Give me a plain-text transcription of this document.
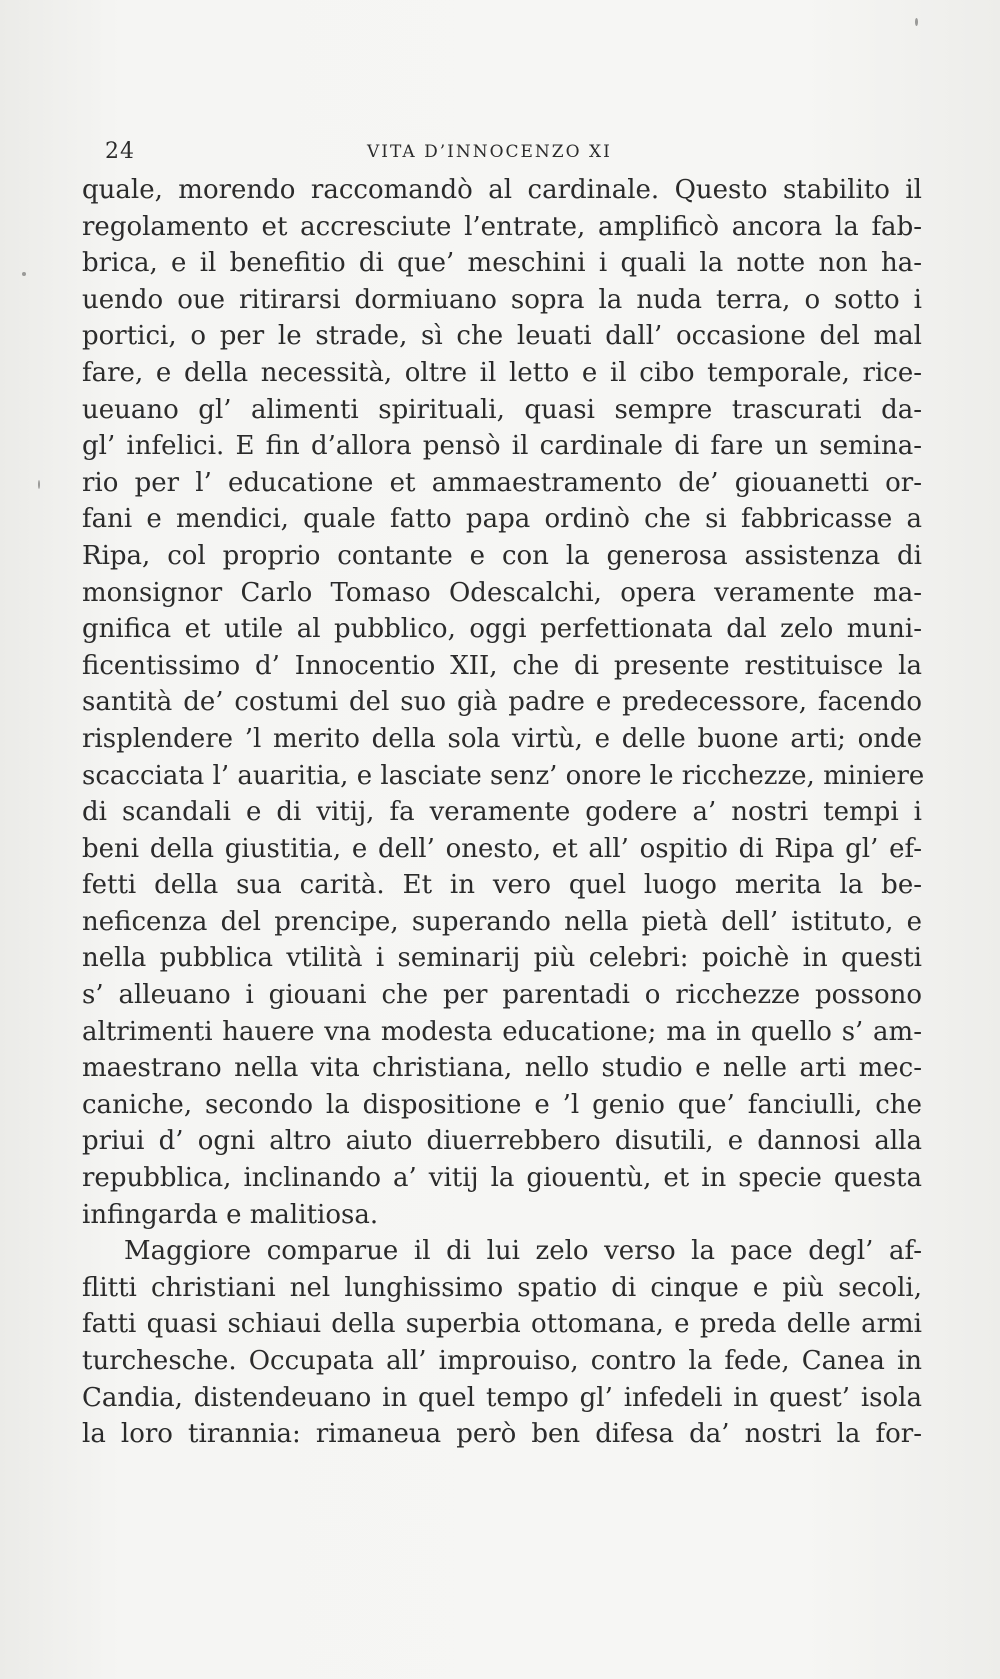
24	VITA D’INNOCENZO XI
quale, morendo raccomandò al cardinale. Questo stabilito il
regolamento et accresciute l’entrate, amplificò ancora la fab-
brica, e il benefitio di que’ meschini i quali la notte non ha-
uendo oue ritirarsi dormiuano sopra la nuda terra, o sotto i
portici, o per le strade, sì che leuati dall’ occasione del mal
fare, e della necessità, oltre il letto e il cibo temporale, rice-
ueuano gl’ alimenti spirituali, quasi sempre trascurati da-
gl’ infelici. E fin d’allora pensò il cardinale di fare un semina-
rio per l’ educatione et ammaestramento de’ giouanetti or-
fani e mendici, quale fatto papa ordinò che si fabbricasse a
Ripa, col proprio contante e con la generosa assistenza di
monsignor Carlo Tomaso Odescalchi, opera veramente ma-
gnifica et utile al pubblico, oggi perfettionata dal zelo muni-
ficentissimo d’ Innocentio XII, che di presente restituisce la
santità de’ costumi del suo già padre e predecessore, facendo
risplendere ’l merito della sola virtù, e delle buone arti; onde
scacciata l’ auaritia, e lasciate senz’ onore le ricchezze, miniere
di scandali e di vitij, fa veramente godere a’ nostri tempi i
beni della giustitia, e dell’ onesto, et all’ ospitio di Ripa gl’ ef-
fetti della sua carità. Et in vero quel luogo merita la be-
neficenza del prencipe, superando nella pietà dell’ istituto, e
nella pubblica vtilità i seminarij più celebri: poichè in questi
s’ alleuano i giouani che per parentadi o ricchezze possono
altrimenti hauere vna modesta educatione; ma in quello s’ am-
maestrano nella vita christiana, nello studio e nelle arti mec-
caniche, secondo la dispositione e ’l genio que’ fanciulli, che
priui d’ ogni altro aiuto diuerrebbero disutili, e dannosi alla
repubblica, inclinando a’ vitij la giouentù, et in specie questa
infingarda e malitiosa.
Maggiore comparue il di lui zelo verso la pace degl’ af-
flitti christiani nel lunghissimo spatio di cinque e più secoli,
fatti quasi schiaui della superbia ottomana, e preda delle armi
turchesche. Occupata all’ improuiso, contro la fede, Canea in
Candia, distendeuano in quel tempo gl’ infedeli in quest’ isola
la loro tirannia: rimaneua però ben difesa da’ nostri la for-
